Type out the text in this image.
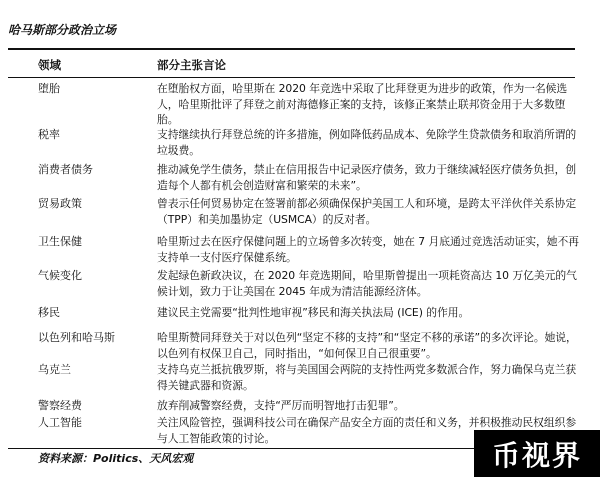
哈马斯部分政治立场
领域	部分主张言论
堕胎	在堕胎权方面，哈里斯在 2020 年竞选中采取了比拜登更为进步的政策，作为一名候选人，哈里斯批评了拜登之前对海德修正案的支持，该修正案禁止联邦资金用于大多数堕胎。
税率	支持继续执行拜登总统的许多措施，例如降低药品成本、免除学生贷款债务和取消所谓的垃圾费。
消费者债务	推动减免学生债务，禁止在信用报告中记录医疗债务，致力于继续减轻医疗债务负担，创造每个人都有机会创造财富和繁荣的未来”。
贸易政策	曾表示任何贸易协定在签署前都必须确保保护美国工人和环境，是跨太平洋伙伴关系协定（TPP）和美加墨协定（USMCA）的反对者。
卫生保健	哈里斯过去在医疗保健问题上的立场曾多次转变，她在 7 月底通过竞选活动证实，她不再支持单一支付医疗保健系统。
气候变化	发起绿色新政决议，在 2020 年竞选期间，哈里斯曾提出一项耗资高达 10 万亿美元的气候计划，致力于让美国在 2045 年成为清洁能源经济体。
移民	建议民主党需要“批判性地审视”移民和海关执法局 (ICE) 的作用。
以色列和哈马斯	哈里斯赞同拜登关于对以色列“坚定不移的支持”和“坚定不移的承诺”的多次评论。她说，以色列有权保卫自己，同时指出，“如何保卫自己很重要”。
乌克兰	支持乌克兰抵抗俄罗斯，将与美国国会两院的支持性两党多数派合作，努力确保乌克兰获得关键武器和资源。
警察经费	放弃削减警察经费，支持“严厉而明智地打击犯罪”。
人工智能	关注风险管控，强调科技公司在确保产品安全方面的责任和义务，并积极推动民权组织参与人工智能政策的讨论。
资料来源：Politics、天风宏观	币视界
